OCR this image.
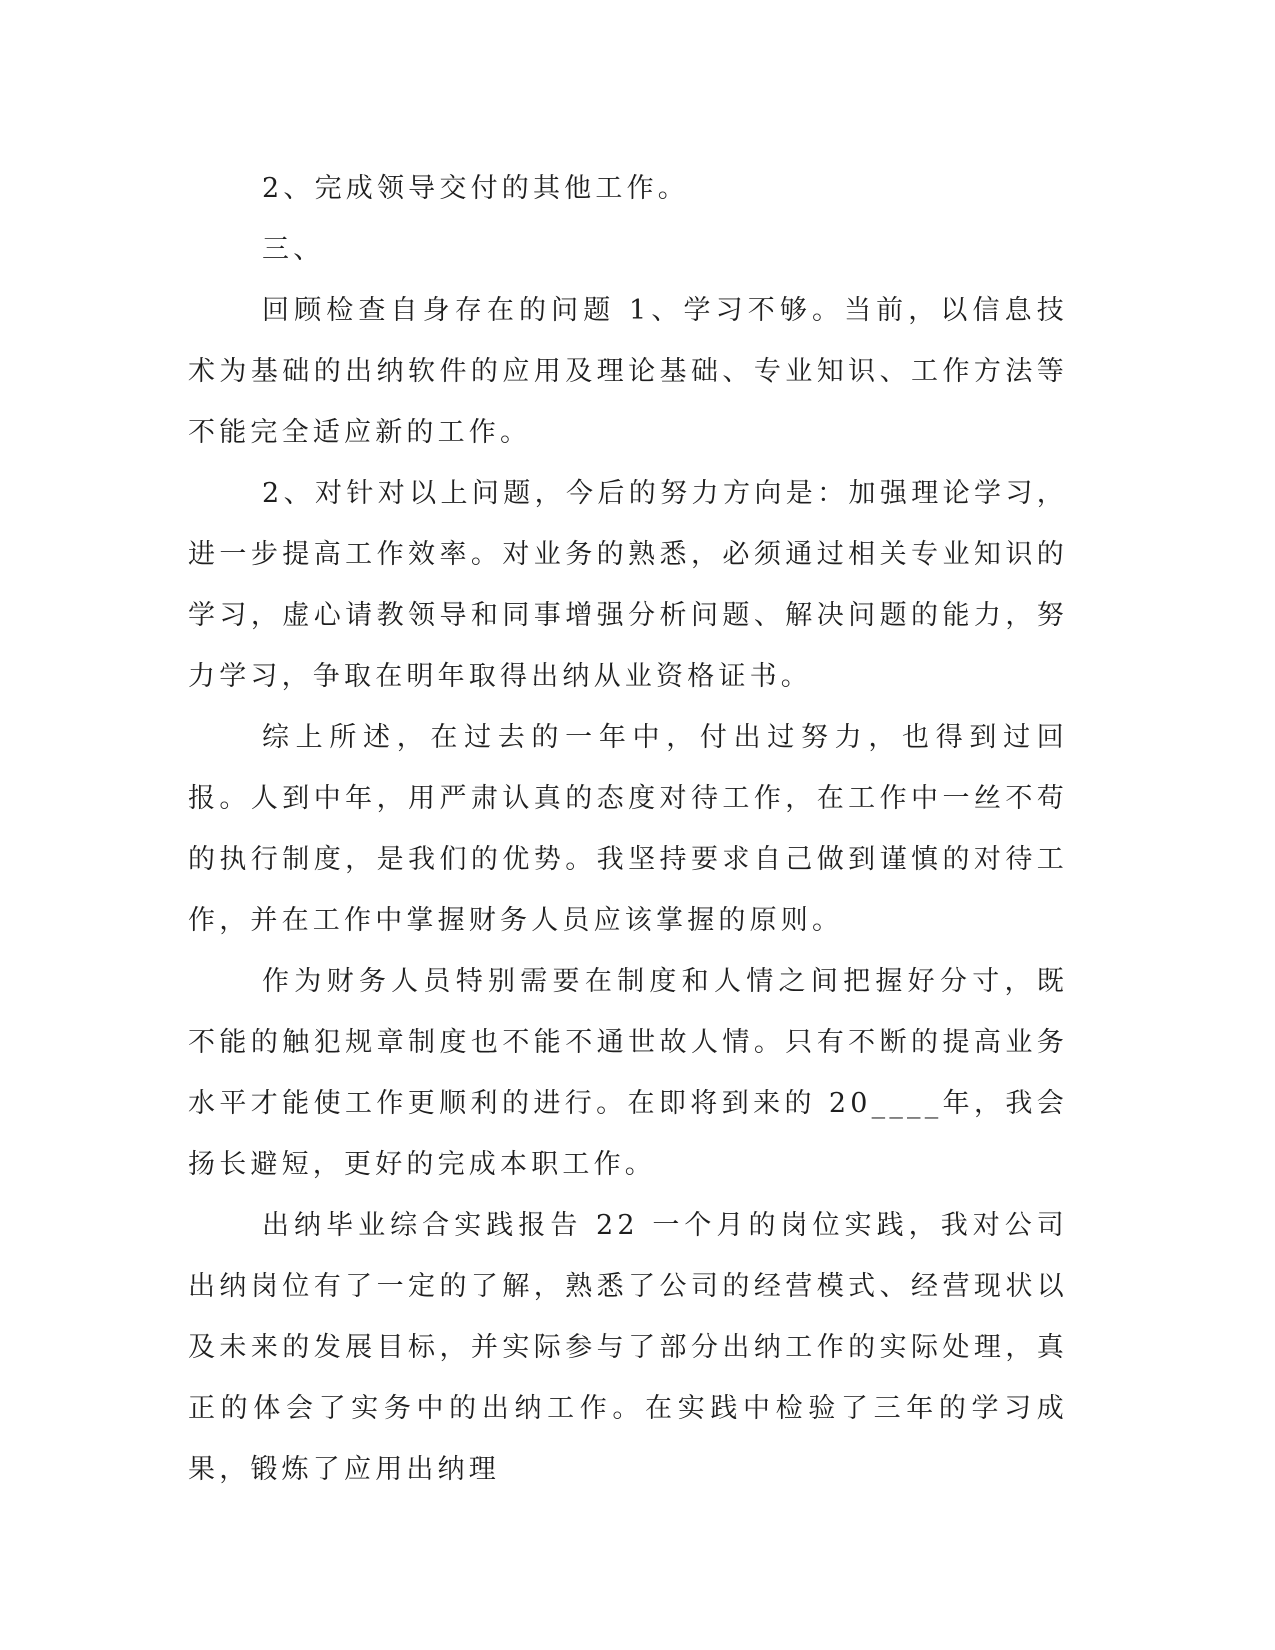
2、完成领导交付的其他工作。

三、

回顾检查自身存在的问题 1、学习不够。当前，以信息技术为基础的出纳软件的应用及理论基础、专业知识、工作方法等不能完全适应新的工作。

2、对针对以上问题，今后的努力方向是：加强理论学习，进一步提高工作效率。对业务的熟悉，必须通过相关专业知识的学习，虚心请教领导和同事增强分析问题、解决问题的能力，努力学习，争取在明年取得出纳从业资格证书。

综上所述，在过去的一年中，付出过努力，也得到过回报。人到中年，用严肃认真的态度对待工作，在工作中一丝不苟的执行制度，是我们的优势。我坚持要求自己做到谨慎的对待工作，并在工作中掌握财务人员应该掌握的原则。

作为财务人员特别需要在制度和人情之间把握好分寸，既不能的触犯规章制度也不能不通世故人情。只有不断的提高业务水平才能使工作更顺利的进行。在即将到来的 20____年，我会扬长避短，更好的完成本职工作。

出纳毕业综合实践报告 22 一个月的岗位实践，我对公司出纳岗位有了一定的了解，熟悉了公司的经营模式、经营现状以及未来的发展目标，并实际参与了部分出纳工作的实际处理，真正的体会了实务中的出纳工作。在实践中检验了三年的学习成果，锻炼了应用出纳理
